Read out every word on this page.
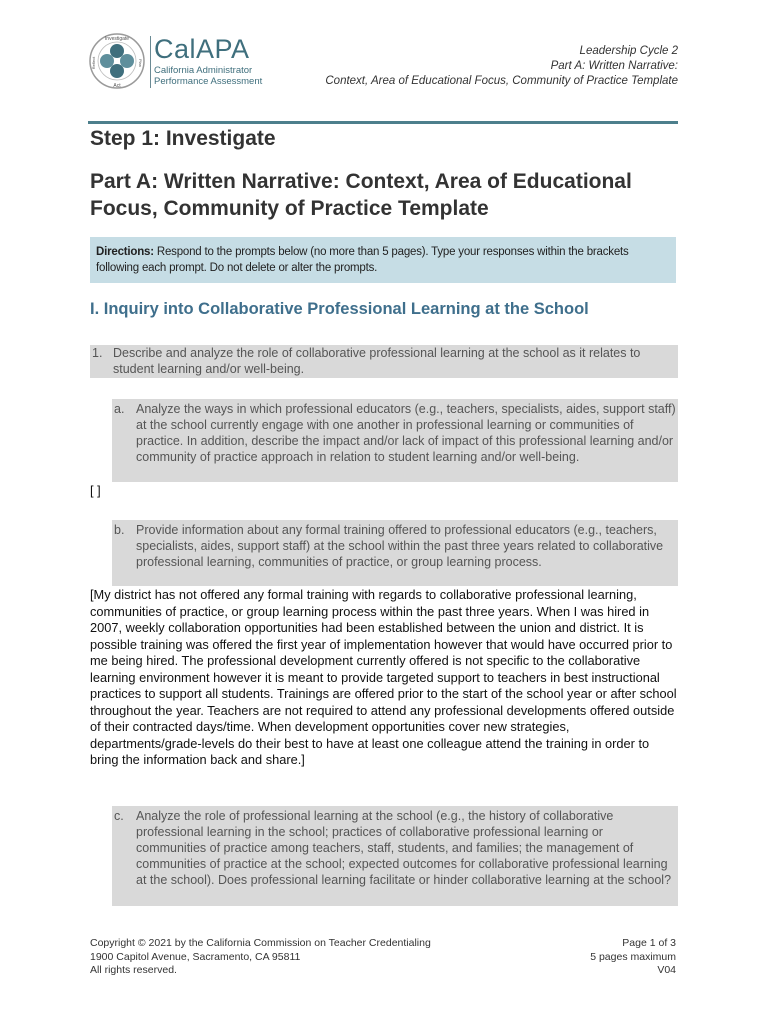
Investigate
Act
Reflect	Plan CalAPA
California Administrator
Performance Assessment
Leadership Cycle 2
Part A: Written Narrative:
Context, Area of Educational Focus, Community of Practice Template
Step 1: Investigate
Part A: Written Narrative: Context, Area of Educational Focus, Community of Practice Template
Directions: Respond to the prompts below (no more than 5 pages). Type your responses within the brackets following each prompt. Do not delete or alter the prompts.
I. Inquiry into Collaborative Professional Learning at the School
1. Describe and analyze the role of collaborative professional learning at the school as it relates to student learning and/or well-being.
a. Analyze the ways in which professional educators (e.g., teachers, specialists, aides, support staff) at the school currently engage with one another in professional learning or communities of practice. In addition, describe the impact and/or lack of impact of this professional learning and/or community of practice approach in relation to student learning and/or well-being.
[ ]
b. Provide information about any formal training offered to professional educators (e.g., teachers, specialists, aides, support staff) at the school within the past three years related to collaborative professional learning, communities of practice, or group learning process.
[My district has not offered any formal training with regards to collaborative professional learning, communities of practice, or group learning process within the past three years. When I was hired in 2007, weekly collaboration opportunities had been established between the union and district. It is possible training was offered the first year of implementation however that would have occurred prior to me being hired. The professional development currently offered is not specific to the collaborative learning environment however it is meant to provide targeted support to teachers in best instructional practices to support all students. Trainings are offered prior to the start of the school year or after school throughout the year. Teachers are not required to attend any professional developments offered outside of their contracted days/time. When development opportunities cover new strategies, departments/grade-levels do their best to have at least one colleague attend the training in order to bring the information back and share.]
c. Analyze the role of professional learning at the school (e.g., the history of collaborative professional learning in the school; practices of collaborative professional learning or communities of practice among teachers, staff, students, and families; the management of communities of practice at the school; expected outcomes for collaborative professional learning at the school). Does professional learning facilitate or hinder collaborative learning at the school?
Copyright © 2021 by the California Commission on Teacher Credentialing
1900 Capitol Avenue, Sacramento, CA 95811
All rights reserved.
Page 1 of 3
5 pages maximum
V04
